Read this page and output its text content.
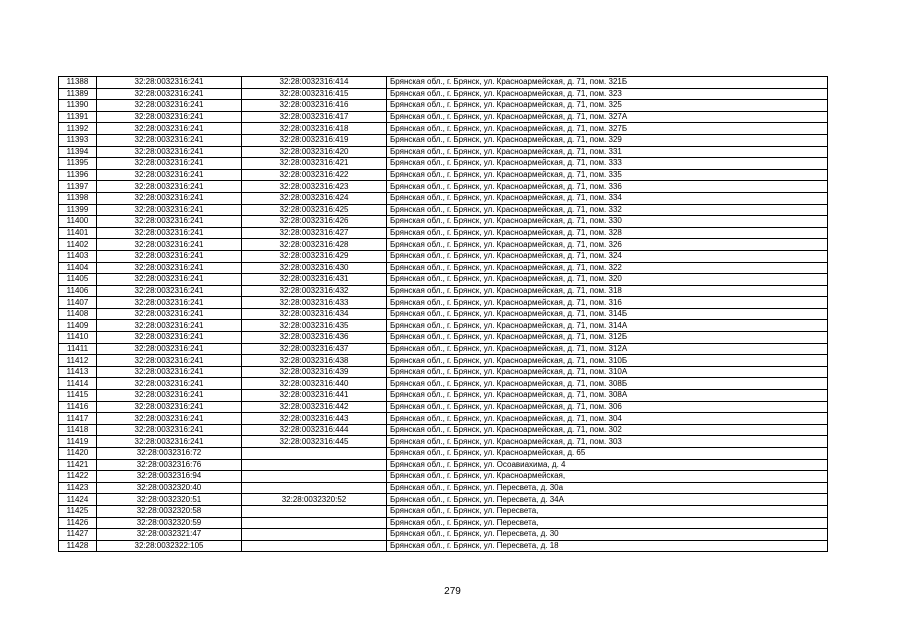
11388	32:28:0032316:241	32:28:0032316:414	Брянская обл., г. Брянск, ул. Красноармейская, д. 71, пом. 321Б
11389	32:28:0032316:241	32:28:0032316:415	Брянская обл., г. Брянск, ул. Красноармейская, д. 71, пом. 323
11390	32:28:0032316:241	32:28:0032316:416	Брянская обл., г. Брянск, ул. Красноармейская, д. 71, пом. 325
11391	32:28:0032316:241	32:28:0032316:417	Брянская обл., г. Брянск, ул. Красноармейская, д. 71, пом. 327А
11392	32:28:0032316:241	32:28:0032316:418	Брянская обл., г. Брянск, ул. Красноармейская, д. 71, пом. 327Б
11393	32:28:0032316:241	32:28:0032316:419	Брянская обл., г. Брянск, ул. Красноармейская, д. 71, пом. 329
11394	32:28:0032316:241	32:28:0032316:420	Брянская обл., г. Брянск, ул. Красноармейская, д. 71, пом. 331
11395	32:28:0032316:241	32:28:0032316:421	Брянская обл., г. Брянск, ул. Красноармейская, д. 71, пом. 333
11396	32:28:0032316:241	32:28:0032316:422	Брянская обл., г. Брянск, ул. Красноармейская, д. 71, пом. 335
11397	32:28:0032316:241	32:28:0032316:423	Брянская обл., г. Брянск, ул. Красноармейская, д. 71, пом. 336
11398	32:28:0032316:241	32:28:0032316:424	Брянская обл., г. Брянск, ул. Красноармейская, д. 71, пом. 334
11399	32:28:0032316:241	32:28:0032316:425	Брянская обл., г. Брянск, ул. Красноармейская, д. 71, пом. 332
11400	32:28:0032316:241	32:28:0032316:426	Брянская обл., г. Брянск, ул. Красноармейская, д. 71, пом. 330
11401	32:28:0032316:241	32:28:0032316:427	Брянская обл., г. Брянск, ул. Красноармейская, д. 71, пом. 328
11402	32:28:0032316:241	32:28:0032316:428	Брянская обл., г. Брянск, ул. Красноармейская, д. 71, пом. 326
11403	32:28:0032316:241	32:28:0032316:429	Брянская обл., г. Брянск, ул. Красноармейская, д. 71, пом. 324
11404	32:28:0032316:241	32:28:0032316:430	Брянская обл., г. Брянск, ул. Красноармейская, д. 71, пом. 322
11405	32:28:0032316:241	32:28:0032316:431	Брянская обл., г. Брянск, ул. Красноармейская, д. 71, пом. 320
11406	32:28:0032316:241	32:28:0032316:432	Брянская обл., г. Брянск, ул. Красноармейская, д. 71, пом. 318
11407	32:28:0032316:241	32:28:0032316:433	Брянская обл., г. Брянск, ул. Красноармейская, д. 71, пом. 316
11408	32:28:0032316:241	32:28:0032316:434	Брянская обл., г. Брянск, ул. Красноармейская, д. 71, пом. 314Б
11409	32:28:0032316:241	32:28:0032316:435	Брянская обл., г. Брянск, ул. Красноармейская, д. 71, пом. 314А
11410	32:28:0032316:241	32:28:0032316:436	Брянская обл., г. Брянск, ул. Красноармейская, д. 71, пом. 312Б
11411	32:28:0032316:241	32:28:0032316:437	Брянская обл., г. Брянск, ул. Красноармейская, д. 71, пом. 312А
11412	32:28:0032316:241	32:28:0032316:438	Брянская обл., г. Брянск, ул. Красноармейская, д. 71, пом. 310Б
11413	32:28:0032316:241	32:28:0032316:439	Брянская обл., г. Брянск, ул. Красноармейская, д. 71, пом. 310А
11414	32:28:0032316:241	32:28:0032316:440	Брянская обл., г. Брянск, ул. Красноармейская, д. 71, пом. 308Б
11415	32:28:0032316:241	32:28:0032316:441	Брянская обл., г. Брянск, ул. Красноармейская, д. 71, пом. 308А
11416	32:28:0032316:241	32:28:0032316:442	Брянская обл., г. Брянск, ул. Красноармейская, д. 71, пом. 306
11417	32:28:0032316:241	32:28:0032316:443	Брянская обл., г. Брянск, ул. Красноармейская, д. 71, пом. 304
11418	32:28:0032316:241	32:28:0032316:444	Брянская обл., г. Брянск, ул. Красноармейская, д. 71, пом. 302
11419	32:28:0032316:241	32:28:0032316:445	Брянская обл., г. Брянск, ул. Красноармейская, д. 71, пом. 303
11420	32:28:0032316:72		Брянская обл., г. Брянск, ул. Красноармейская, д. 65
11421	32:28:0032316:76		Брянская обл., г. Брянск, ул. Осоавиахима, д. 4
11422	32:28:0032316:94		Брянская обл., г. Брянск, ул. Красноармейская,
11423	32:28:0032320:40		Брянская обл., г. Брянск, ул. Пересвета, д. 30а
11424	32:28:0032320:51	32:28:0032320:52	Брянская обл., г. Брянск, ул. Пересвета, д. 34А
11425	32:28:0032320:58		Брянская обл., г. Брянск, ул. Пересвета,
11426	32:28:0032320:59		Брянская обл., г. Брянск, ул. Пересвета,
11427	32:28:0032321:47		Брянская обл., г. Брянск, ул. Пересвета, д. 30
11428	32:28:0032322:105		Брянская обл., г. Брянск, ул. Пересвета, д. 18
279
